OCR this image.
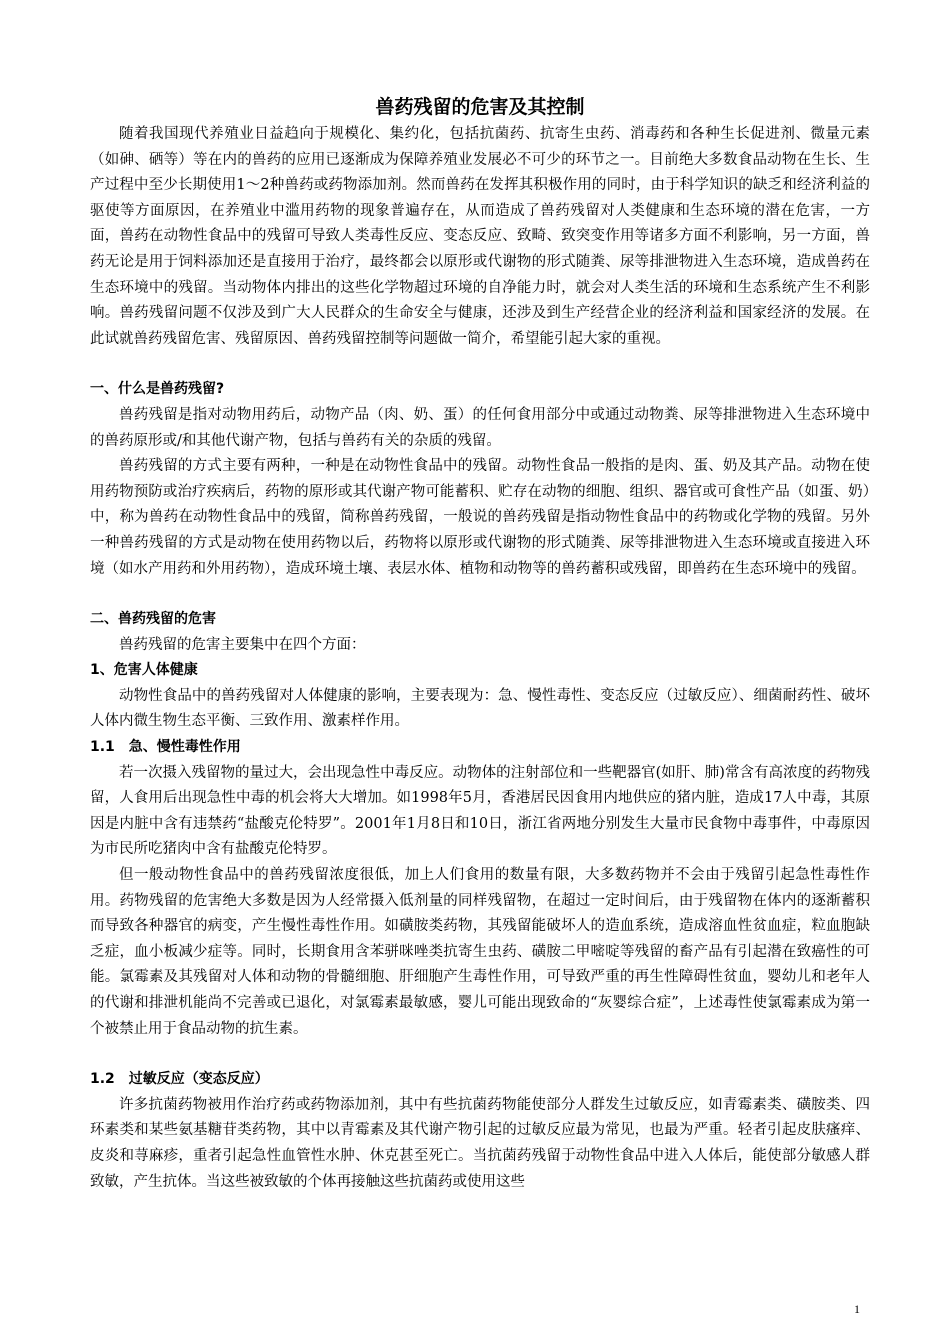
兽药残留的危害及其控制

随着我国现代养殖业日益趋向于规模化、集约化，包括抗菌药、抗寄生虫药、消毒药和各种生长促进剂、微量元素（如砷、硒等）等在内的兽药的应用已逐渐成为保障养殖业发展必不可少的环节之一。目前绝大多数食品动物在生长、生产过程中至少长期使用1～2种兽药或药物添加剂。然而兽药在发挥其积极作用的同时，由于科学知识的缺乏和经济利益的驱使等方面原因，在养殖业中滥用药物的现象普遍存在，从而造成了兽药残留对人类健康和生态环境的潜在危害，一方面，兽药在动物性食品中的残留可导致人类毒性反应、变态反应、致畸、致突变作用等诸多方面不利影响，另一方面，兽药无论是用于饲料添加还是直接用于治疗，最终都会以原形或代谢物的形式随粪、尿等排泄物进入生态环境，造成兽药在生态环境中的残留。当动物体内排出的这些化学物超过环境的自净能力时，就会对人类生活的环境和生态系统产生不利影响。兽药残留问题不仅涉及到广大人民群众的生命安全与健康，还涉及到生产经营企业的经济利益和国家经济的发展。在此试就兽药残留危害、残留原因、兽药残留控制等问题做一简介，希望能引起大家的重视。

一、什么是兽药残留?

兽药残留是指对动物用药后，动物产品（肉、奶、蛋）的任何食用部分中或通过动物粪、尿等排泄物进入生态环境中的兽药原形或/和其他代谢产物，包括与兽药有关的杂质的残留。

兽药残留的方式主要有两种，一种是在动物性食品中的残留。动物性食品一般指的是肉、蛋、奶及其产品。动物在使用药物预防或治疗疾病后，药物的原形或其代谢产物可能蓄积、贮存在动物的细胞、组织、器官或可食性产品（如蛋、奶）中，称为兽药在动物性食品中的残留，简称兽药残留，一般说的兽药残留是指动物性食品中的药物或化学物的残留。另外一种兽药残留的方式是动物在使用药物以后，药物将以原形或代谢物的形式随粪、尿等排泄物进入生态环境或直接进入环境（如水产用药和外用药物），造成环境土壤、表层水体、植物和动物等的兽药蓄积或残留，即兽药在生态环境中的残留。

二、兽药残留的危害

兽药残留的危害主要集中在四个方面：

1、危害人体健康

动物性食品中的兽药残留对人体健康的影响，主要表现为：急、慢性毒性、变态反应（过敏反应）、细菌耐药性、破坏人体内微生物生态平衡、三致作用、激素样作用。

1.1　急、慢性毒性作用

若一次摄入残留物的量过大，会出现急性中毒反应。动物体的注射部位和一些靶器官(如肝、肺)常含有高浓度的药物残留，人食用后出现急性中毒的机会将大大增加。如1998年5月，香港居民因食用内地供应的猪内脏，造成17人中毒，其原因是内脏中含有违禁药“盐酸克伦特罗”。2001年1月8日和10日，浙江省两地分别发生大量市民食物中毒事件，中毒原因为市民所吃猪肉中含有盐酸克伦特罗。

但一般动物性食品中的兽药残留浓度很低，加上人们食用的数量有限，大多数药物并不会由于残留引起急性毒性作用。药物残留的危害绝大多数是因为人经常摄入低剂量的同样残留物，在超过一定时间后，由于残留物在体内的逐渐蓄积而导致各种器官的病变，产生慢性毒性作用。如磺胺类药物，其残留能破坏人的造血系统，造成溶血性贫血症，粒血胞缺乏症，血小板减少症等。同时，长期食用含苯骈咪唑类抗寄生虫药、磺胺二甲嘧啶等残留的畜产品有引起潜在致癌性的可能。氯霉素及其残留对人体和动物的骨髓细胞、肝细胞产生毒性作用，可导致严重的再生性障碍性贫血，婴幼儿和老年人的代谢和排泄机能尚不完善或已退化，对氯霉素最敏感，婴儿可能出现致命的“灰婴综合症”，上述毒性使氯霉素成为第一个被禁止用于食品动物的抗生素。

1.2　过敏反应（变态反应）

许多抗菌药物被用作治疗药或药物添加剂，其中有些抗菌药物能使部分人群发生过敏反应，如青霉素类、磺胺类、四环素类和某些氨基糖苷类药物，其中以青霉素及其代谢产物引起的过敏反应最为常见，也最为严重。轻者引起皮肤瘙痒、皮炎和荨麻疹，重者引起急性血管性水肿、休克甚至死亡。当抗菌药残留于动物性食品中进入人体后，能使部分敏感人群致敏，产生抗体。当这些被致敏的个体再接触这些抗菌药或使用这些

1
